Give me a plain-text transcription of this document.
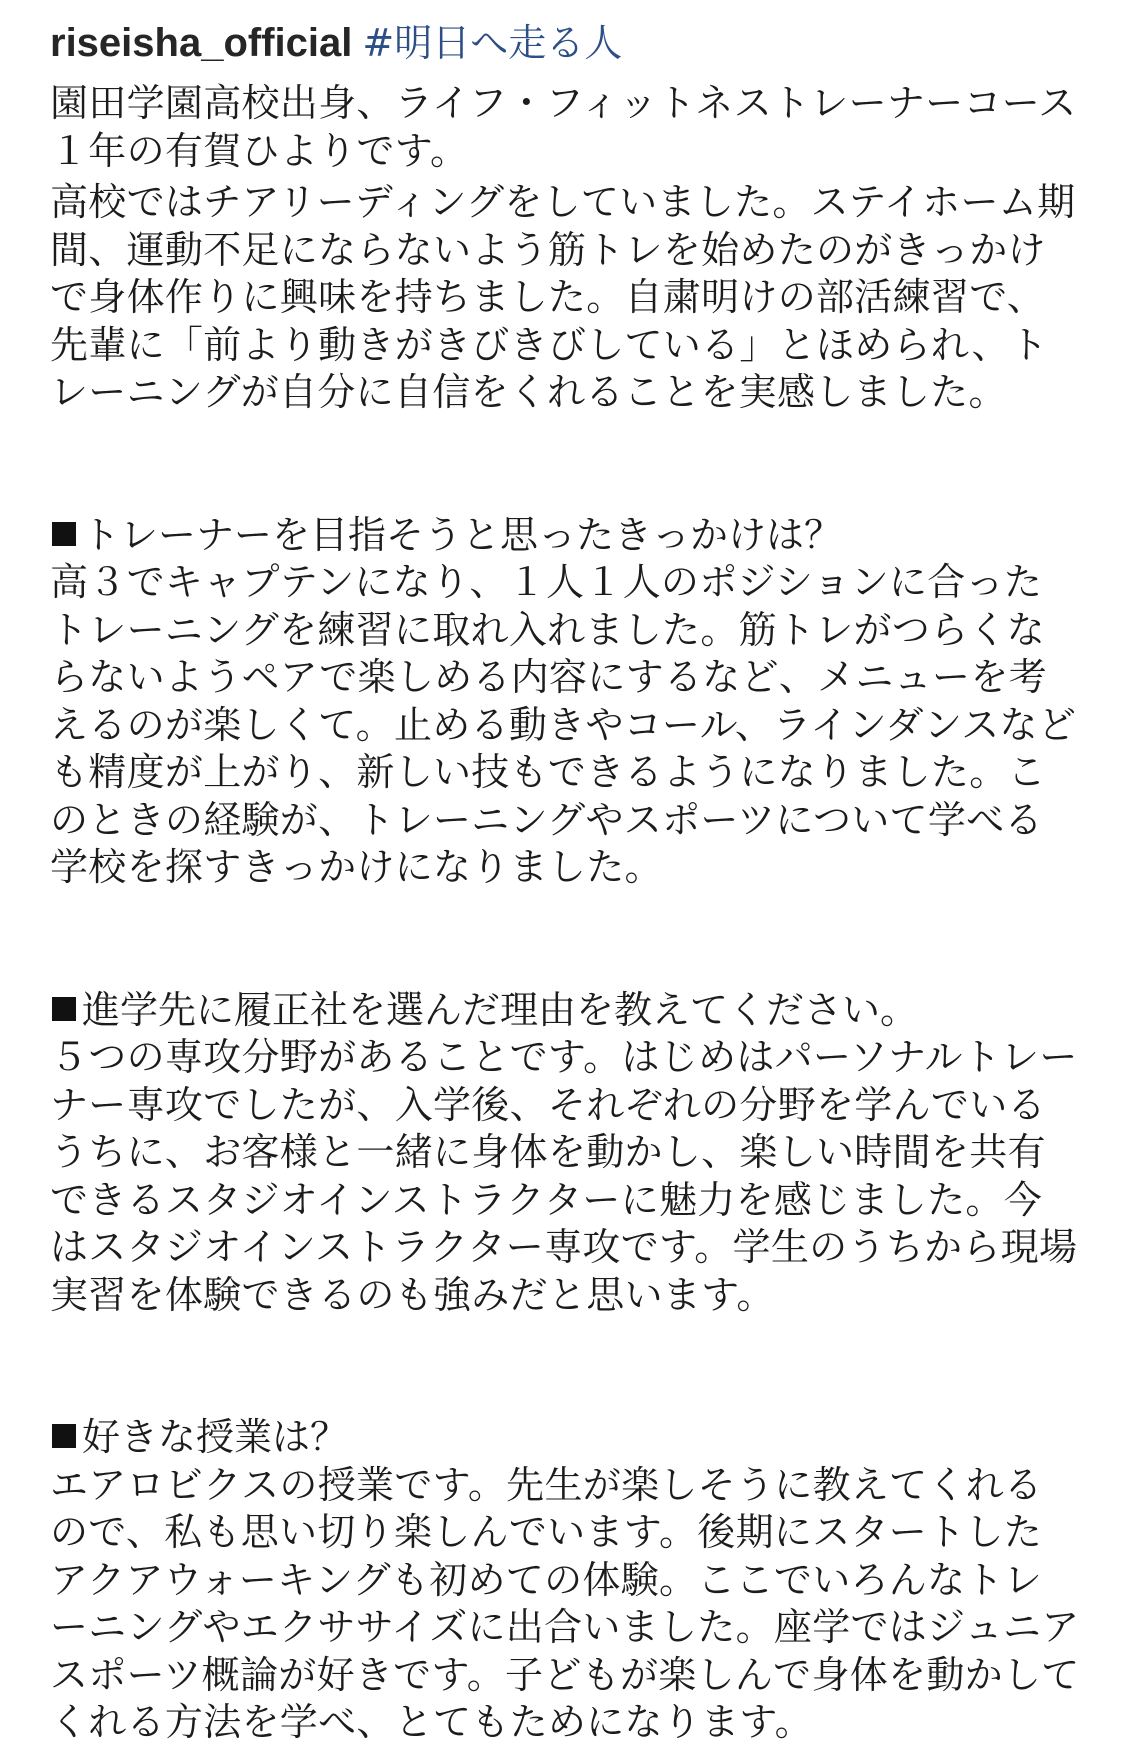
riseisha_official #明日へ走る人
園田学園高校出身、ライフ・フィットネストレーナーコース１年の有賀ひよりです。
高校ではチアリーディングをしていました。ステイホーム期間、運動不足にならないよう筋トレを始めたのがきっかけで身体作りに興味を持ちました。自粛明けの部活練習で、先輩に「前より動きがきびきびしている」とほめられ、トレーニングが自分に自信をくれることを実感しました。
トレーナーを目指そうと思ったきっかけは？
高３でキャプテンになり、１人１人のポジションに合ったトレーニングを練習に取れ入れました。筋トレがつらくならないようペアで楽しめる内容にするなど、メニューを考えるのが楽しくて。止める動きやコール、ラインダンスなども精度が上がり、新しい技もできるようになりました。このときの経験が、トレーニングやスポーツについて学べる学校を探すきっかけになりました。
進学先に履正社を選んだ理由を教えてください。
５つの専攻分野があることです。はじめはパーソナルトレーナー専攻でしたが、入学後、それぞれの分野を学んでいるうちに、お客様と一緒に身体を動かし、楽しい時間を共有できるスタジオインストラクターに魅力を感じました。今はスタジオインストラクター専攻です。学生のうちから現場実習を体験できるのも強みだと思います。
好きな授業は？
エアロビクスの授業です。先生が楽しそうに教えてくれるので、私も思い切り楽しんでいます。後期にスタートしたアクアウォーキングも初めての体験。ここでいろんなトレーニングやエクササイズに出合いました。座学ではジュニアスポーツ概論が好きです。子どもが楽しんで身体を動かしてくれる方法を学べ、とてもためになります。
